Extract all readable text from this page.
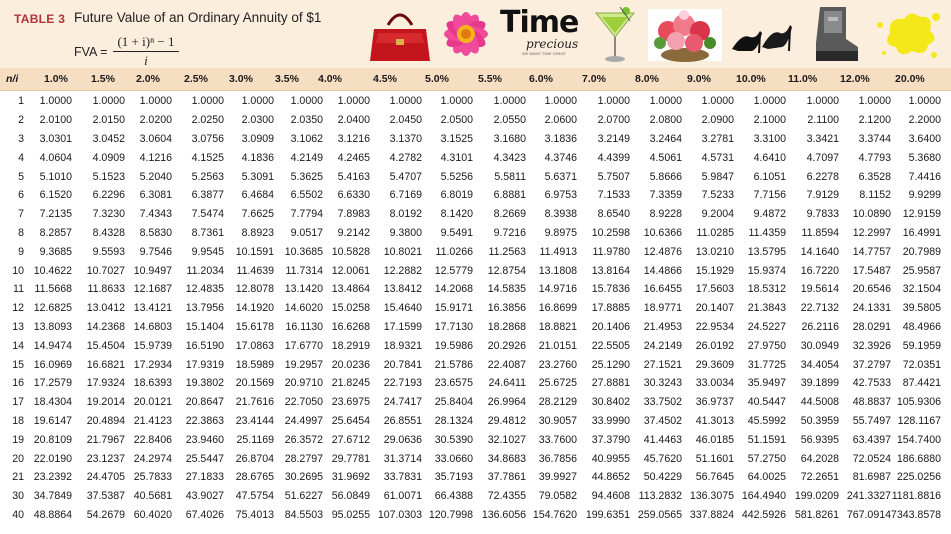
TABLE 3 Future Value of an Ordinary Annuity of $1
FVA = $\frac{\text{(1 + i)ⁿ − 1}}{i}$
Time
precious
WE MAKE TIME GREAT
n/i 1.0% 1.5% 2.0% 2.5% 3.0% 3.5% 4.0%	4.5%	5.0%	5.5%	6.0%	7.0%	8.0%	9.0% 10.0% 11.0% 12.0% 20.0%
1 1.0000 1.0000 1.0000 1.0000 1.0000 1.0000 1.0000 1.0000 1.0000 1.0000 1.0000 1.0000 1.0000 1.0000 1.0000 1.0000 1.0000 1.0000
2 2.0100 2.0150 2.0200 2.0250 2.0300 2.0350 2.0400 2.0450 2.0500 2.0550 2.0600 2.0700 2.0800 2.0900 2.1000 2.1100 2.1200 2.2000
3 3.0301 3.0452 3.0604 3.0756 3.0909 3.1062 3.1216 3.1370 3.1525 3.1680 3.1836 3.2149 3.2464 3.2781 3.3100 3.3421 3.3744 3.6400
4 4.0604 4.0909 4.1216 4.1525 4.1836 4.2149 4.2465 4.2782 4.3101 4.3423 4.3746 4.4399 4.5061 4.5731 4.6410 4.7097 4.7793 5.3680
5 5.1010 5.1523 5.2040 5.2563 5.3091 5.3625 5.4163 5.4707 5.5256 5.5811 5.6371 5.7507 5.8666 5.9847 6.1051 6.2278 6.3528 7.4416
6 6.1520 6.2296 6.3081 6.3877 6.4684 6.5502 6.6330 6.7169 6.8019 6.8881 6.9753 7.1533 7.3359 7.5233 7.7156 7.9129 8.1152 9.9299
7 7.2135 7.3230 7.4343 7.5474 7.6625 7.7794 7.8983 8.0192 8.1420 8.2669 8.3938 8.6540 8.9228 9.2004 9.4872 9.7833 10.0890 12.9159
8 8.2857 8.4328 8.5830 8.7361 8.8923 9.0517 9.2142 9.3800 9.5491 9.7216 9.8975 10.2598 10.6366 11.0285 11.4359 11.8594 12.2997 16.4991
9 9.3685 9.5593 9.7546 9.9545 10.1591 10.3685 10.5828 10.8021 11.0266 11.2563 11.4913 11.9780 12.4876 13.0210 13.5795 14.1640 14.7757 20.7989
10 10.4622 10.7027 10.9497 11.2034 11.4639 11.7314 12.0061 12.2882 12.5779 12.8754 13.1808 13.8164 14.4866 15.1929 15.9374 16.7220 17.5487 25.9587
11 11.5668 11.8633 12.1687 12.4835 12.8078 13.1420 13.4864 13.8412 14.2068 14.5835 14.9716 15.7836 16.6455 17.5603 18.5312 19.5614 20.6546 32.1504
12 12.6825 13.0412 13.4121 13.7956 14.1920 14.6020 15.0258 15.4640 15.9171 16.3856 16.8699 17.8885 18.9771 20.1407 21.3843 22.7132 24.1331 39.5805
13 13.8093 14.2368 14.6803 15.1404 15.6178 16.1130 16.6268 17.1599 17.7130 18.2868 18.8821 20.1406 21.4953 22.9534 24.5227 26.2116 28.0291 48.4966
14 14.9474 15.4504 15.9739 16.5190 17.0863 17.6770 18.2919 18.9321 19.5986 20.2926 21.0151 22.5505 24.2149 26.0192 27.9750 30.0949 32.3926 59.1959
15 16.0969 16.6821 17.2934 17.9319 18.5989 19.2957 20.0236 20.7841 21.5786 22.4087 23.2760 25.1290 27.1521 29.3609 31.7725 34.4054 37.2797 72.0351
16 17.2579 17.9324 18.6393 19.3802 20.1569 20.9710 21.8245 22.7193 23.6575 24.6411 25.6725 27.8881 30.3243 33.0034 35.9497 39.1899 42.7533 87.4421
17 18.4304 19.2014 20.0121 20.8647 21.7616 22.7050 23.6975 24.7417 25.8404 26.9964 28.2129 30.8402 33.7502 36.9737 40.5447 44.5008 48.8837 105.9306
18 19.6147 20.4894 21.4123 22.3863 23.4144 24.4997 25.6454 26.8551 28.1324 29.4812 30.9057 33.9990 37.4502 41.3013 45.5992 50.3959 55.7497 128.1167
19 20.8109 21.7967 22.8406 23.9460 25.1169 26.3572 27.6712 29.0636 30.5390 32.1027 33.7600 37.3790 41.4463 46.0185 51.1591 56.9395 63.4397 154.7400
20 22.0190 23.1237 24.2974 25.5447 26.8704 28.2797 29.7781 31.3714 33.0660 34.8683 36.7856 40.9955 45.7620 51.1601 57.2750 64.2028 72.0524 186.6880
21 23.2392 24.4705 25.7833 27.1833 28.6765 30.2695 31.9692 33.7831 35.7193 37.7861 39.9927 44.8652 50.4229 56.7645 64.0025 72.2651 81.6987 225.0256
30 34.7849 37.5387 40.5681 43.9027 47.5754 51.6227 56.0849 61.0071 66.4388 72.4355 79.0582 94.4608 113.2832 136.3075 164.4940 199.0209 241.3327 1181.8816
40 48.8864 54.2679 60.4020 67.4026 75.4013 84.5503 95.0255 107.0303 120.7998 136.6056 154.7620 199.6351 259.0565 337.8824 442.5926 581.8261 767.0914 7343.8578
